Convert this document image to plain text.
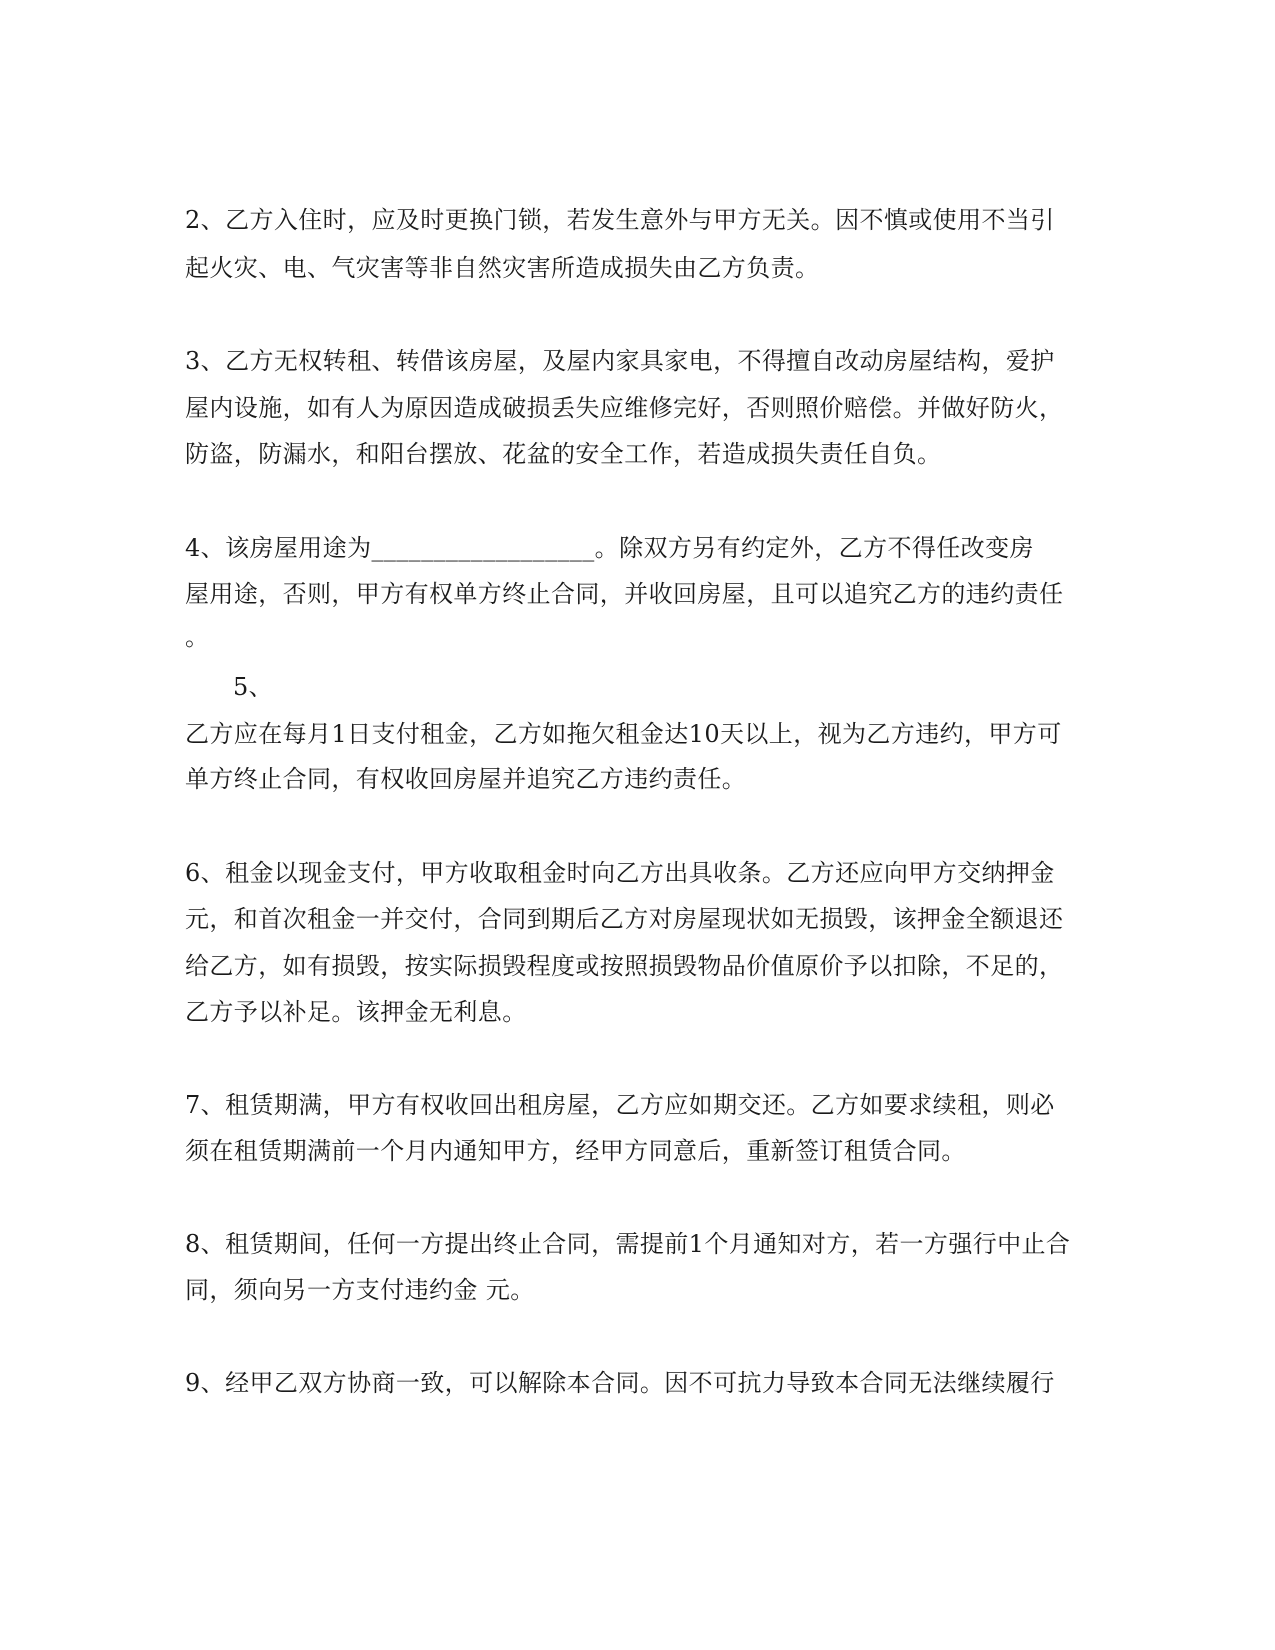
2、乙方入住时，应及时更换门锁，若发生意外与甲方无关。因不慎或使用不当引
起火灾、电、气灾害等非自然灾害所造成损失由乙方负责。
3、乙方无权转租、转借该房屋，及屋内家具家电，不得擅自改动房屋结构，爱护
屋内设施，如有人为原因造成破损丢失应维修完好，否则照价赔偿。并做好防火，
防盗，防漏水，和阳台摆放、花盆的安全工作，若造成损失责任自负。
4、该房屋用途为__________________。除双方另有约定外，乙方不得任改变房
屋用途，否则，甲方有权单方终止合同，并收回房屋，且可以追究乙方的违约责任
。
5、
乙方应在每月1日支付租金，乙方如拖欠租金达10天以上，视为乙方违约，甲方可
单方终止合同，有权收回房屋并追究乙方违约责任。
6、租金以现金支付，甲方收取租金时向乙方出具收条。乙方还应向甲方交纳押金
元，和首次租金一并交付，合同到期后乙方对房屋现状如无损毁，该押金全额退还
给乙方，如有损毁，按实际损毁程度或按照损毁物品价值原价予以扣除，不足的，
乙方予以补足。该押金无利息。
7、租赁期满，甲方有权收回出租房屋，乙方应如期交还。乙方如要求续租，则必
须在租赁期满前一个月内通知甲方，经甲方同意后，重新签订租赁合同。
8、租赁期间，任何一方提出终止合同，需提前1个月通知对方，若一方强行中止合
同，须向另一方支付违约金 元。
9、经甲乙双方协商一致，可以解除本合同。因不可抗力导致本合同无法继续履行
